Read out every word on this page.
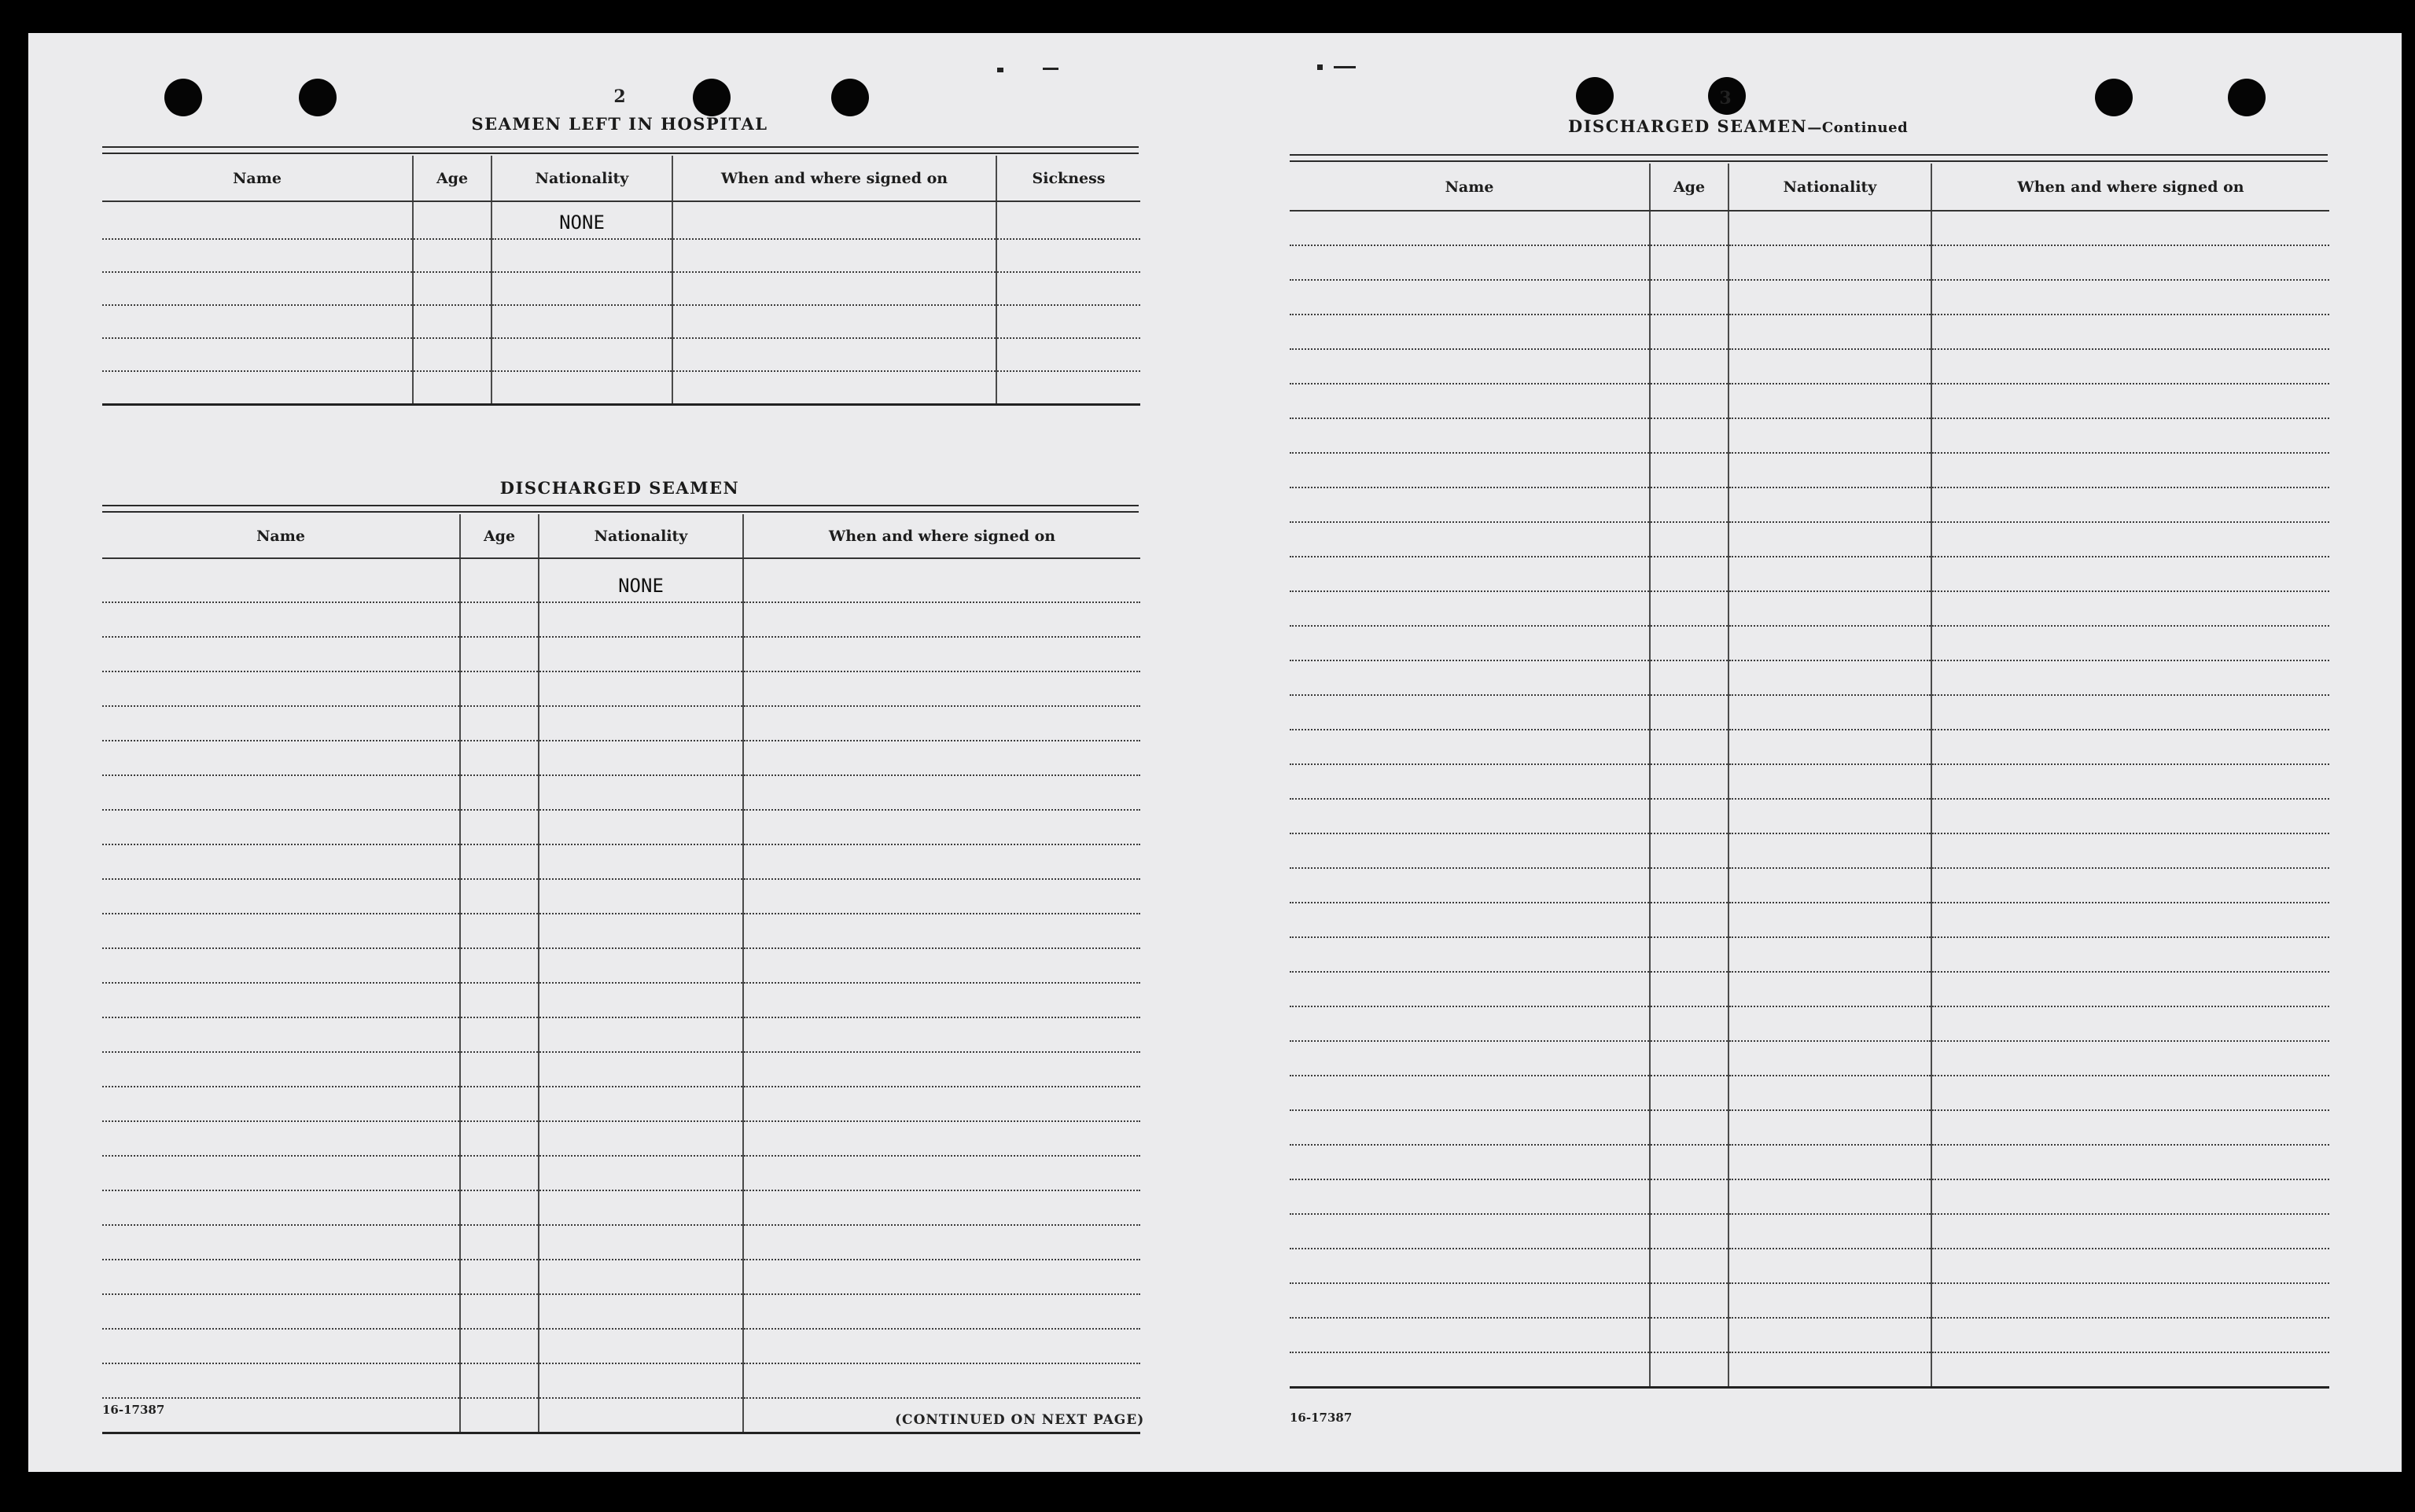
2
SEAMEN LEFT IN HOSPITAL
Name	Age	Nationality	When and where signed on	Sickness
		NONE		

DISCHARGED SEAMEN
Name	Age	Nationality	When and where signed on
		NONE	

16-17387
(CONTINUED ON NEXT PAGE)
3
DISCHARGED SEAMEN—Continued
Name	Age	Nationality	When and where signed on

16-17387
